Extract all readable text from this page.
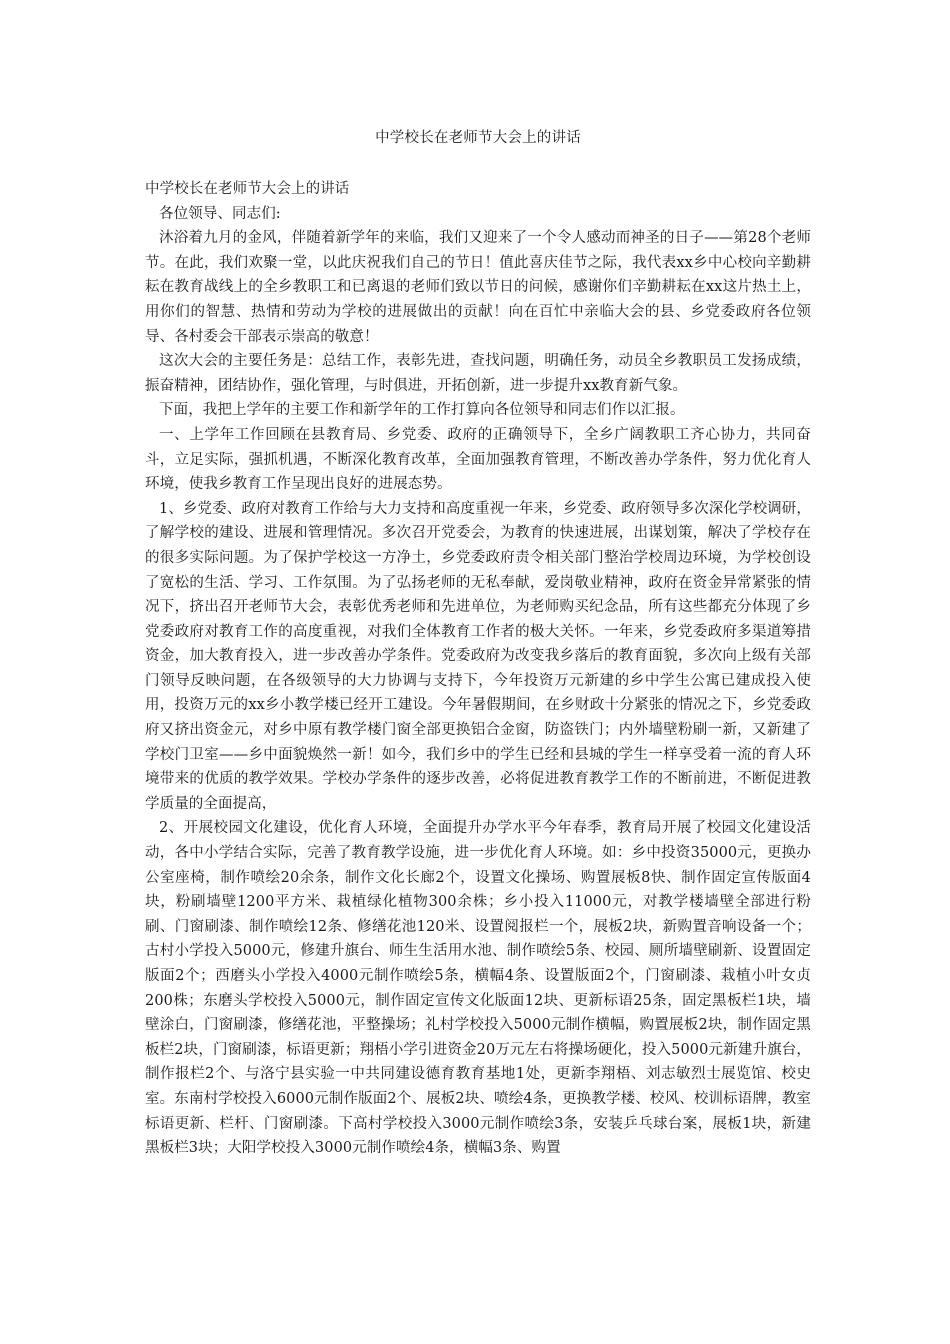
中学校长在老师节大会上的讲话

中学校长在老师节大会上的讲话

各位领导、同志们:

沐浴着九月的金风，伴随着新学年的来临，我们又迎来了一个令人感动而神圣的日子——第28个老师节。在此，我们欢聚一堂，以此庆祝我们自己的节日！值此喜庆佳节之际，我代表xx乡中心校向辛勤耕耘在教育战线上的全乡教职工和已离退的老师们致以节日的问候，感谢你们辛勤耕耘在xx这片热土上，用你们的智慧、热情和劳动为学校的进展做出的贡献！向在百忙中亲临大会的县、乡党委政府各位领导、各村委会干部表示崇高的敬意！

这次大会的主要任务是：总结工作，表彰先进，查找问题，明确任务，动员全乡教职员工发扬成绩，振奋精神，团结协作，强化管理，与时俱进，开拓创新，进一步提升xx教育新气象。

下面，我把上学年的主要工作和新学年的工作打算向各位领导和同志们作以汇报。

一、上学年工作回顾在县教育局、乡党委、政府的正确领导下，全乡广阔教职工齐心协力，共同奋斗，立足实际，强抓机遇，不断深化教育改革，全面加强教育管理，不断改善办学条件，努力优化育人环境，使我乡教育工作呈现出良好的进展态势。

1、乡党委、政府对教育工作给与大力支持和高度重视一年来，乡党委、政府领导多次深化学校调研，了解学校的建设、进展和管理情况。多次召开党委会，为教育的快速进展，出谋划策，解决了学校存在的很多实际问题。为了保护学校这一方净土，乡党委政府责令相关部门整治学校周边环境，为学校创设了宽松的生活、学习、工作氛围。为了弘扬老师的无私奉献，爱岗敬业精神，政府在资金异常紧张的情况下，挤出召开老师节大会，表彰优秀老师和先进单位，为老师购买纪念品，所有这些都充分体现了乡党委政府对教育工作的高度重视，对我们全体教育工作者的极大关怀。一年来，乡党委政府多渠道筹措资金，加大教育投入，进一步改善办学条件。党委政府为改变我乡落后的教育面貌，多次向上级有关部门领导反映问题，在各级领导的大力协调与支持下，今年投资万元新建的乡中学生公寓已建成投入使用，投资万元的xx乡小教学楼已经开工建设。今年暑假期间，在乡财政十分紧张的情况之下，乡党委政府又挤出资金元，对乡中原有教学楼门窗全部更换铝合金窗，防盗铁门；内外墙壁粉刷一新，又新建了学校门卫室——乡中面貌焕然一新！如今，我们乡中的学生已经和县城的学生一样享受着一流的育人环境带来的优质的教学效果。学校办学条件的逐步改善，必将促进教育教学工作的不断前进，不断促进教学质量的全面提高，

2、开展校园文化建设，优化育人环境，全面提升办学水平今年春季，教育局开展了校园文化建设活动，各中小学结合实际，完善了教育教学设施，进一步优化育人环境。如：乡中投资35000元，更换办公室座椅，制作喷绘20余条，制作文化长廊2个，设置文化操场、购置展板8快、制作固定宣传版面4块，粉刷墙壁1200平方米、栽植绿化植物300余株；乡小投入11000元，对教学楼墙壁全部进行粉刷、门窗刷漆、制作喷绘12条、修缮花池120米、设置阅报栏一个，展板2块，新购置音响设备一个；古村小学投入5000元，修建升旗台、师生生活用水池、制作喷绘5条、校园、厕所墙壁刷新、设置固定版面2个；西磨头小学投入4000元制作喷绘5条，横幅4条、设置版面2个，门窗刷漆、栽植小叶女贞200株；东磨头学校投入5000元，制作固定宣传文化版面12块、更新标语25条，固定黑板栏1块，墙壁涂白，门窗刷漆，修缮花池，平整操场；礼村学校投入5000元制作横幅，购置展板2块，制作固定黑板栏2块，门窗刷漆，标语更新；翔梧小学引进资金20万元左右将操场硬化，投入5000元新建升旗台，制作报栏2个、与洛宁县实验一中共同建设德育教育基地1处，更新李翔梧、刘志敏烈士展览馆、校史室。东南村学校投入6000元制作版面2个、展板2块、喷绘4条，更换教学楼、校风、校训标语牌，教室标语更新、栏杆、门窗刷漆。下高村学校投入3000元制作喷绘3条，安装乒乓球台案，展板1块，新建黑板栏3块；大阳学校投入3000元制作喷绘4条，横幅3条、购置
